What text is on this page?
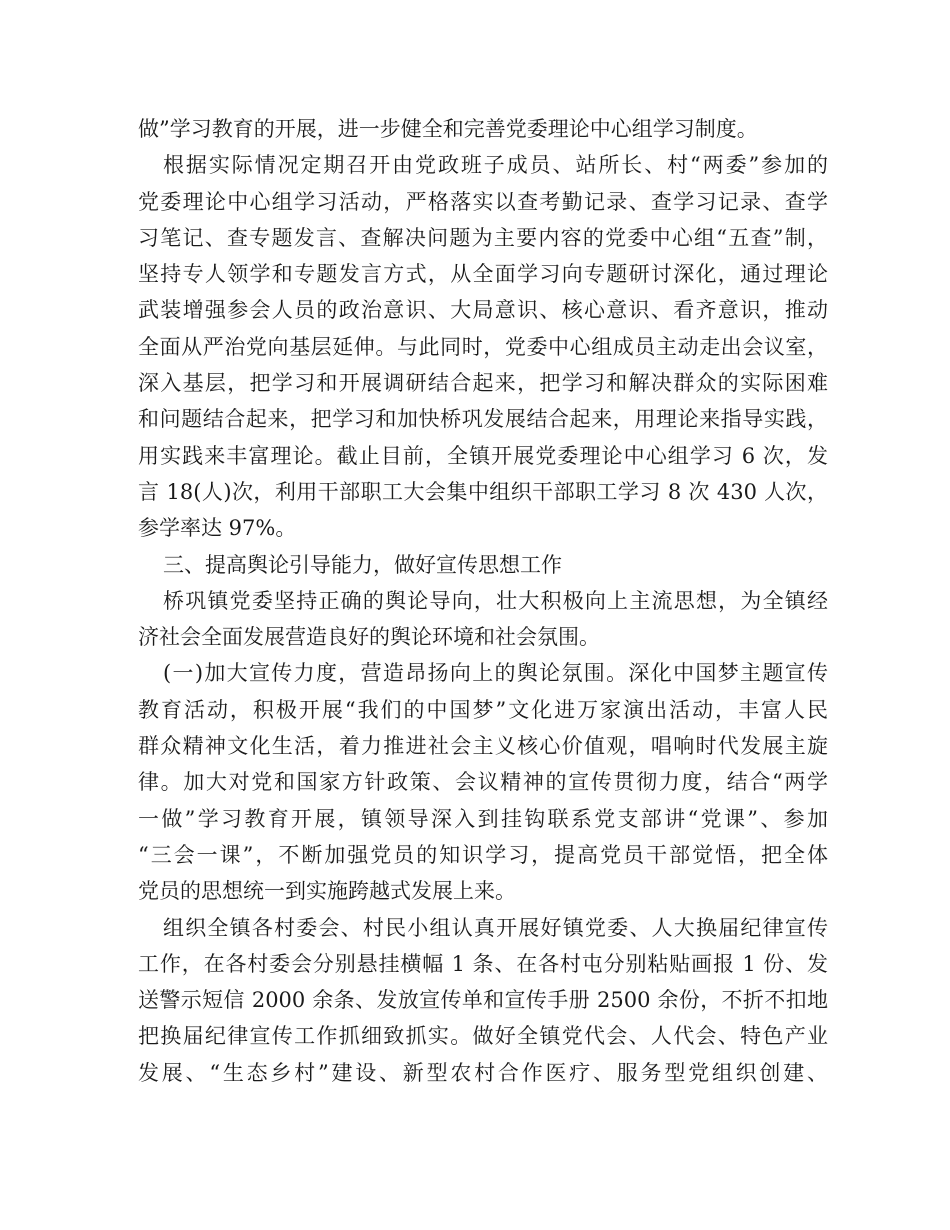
做”学习教育的开展，进一步健全和完善党委理论中心组学习制度。
根据实际情况定期召开由党政班子成员、站所长、村“两委”参加的
党委理论中心组学习活动，严格落实以查考勤记录、查学习记录、查学
习笔记、查专题发言、查解决问题为主要内容的党委中心组“五查”制，
坚持专人领学和专题发言方式，从全面学习向专题研讨深化，通过理论
武装增强参会人员的政治意识、大局意识、核心意识、看齐意识，推动
全面从严治党向基层延伸。与此同时，党委中心组成员主动走出会议室，
深入基层，把学习和开展调研结合起来，把学习和解决群众的实际困难
和问题结合起来，把学习和加快桥巩发展结合起来，用理论来指导实践，
用实践来丰富理论。截止目前，全镇开展党委理论中心组学习 6 次，发
言 18(人)次，利用干部职工大会集中组织干部职工学习 8 次 430 人次，
参学率达 97%。
三、提高舆论引导能力，做好宣传思想工作
桥巩镇党委坚持正确的舆论导向，壮大积极向上主流思想，为全镇经
济社会全面发展营造良好的舆论环境和社会氛围。
(一)加大宣传力度，营造昂扬向上的舆论氛围。深化中国梦主题宣传
教育活动，积极开展“我们的中国梦”文化进万家演出活动，丰富人民
群众精神文化生活，着力推进社会主义核心价值观，唱响时代发展主旋
律。加大对党和国家方针政策、会议精神的宣传贯彻力度，结合“两学
一做”学习教育开展，镇领导深入到挂钩联系党支部讲“党课”、参加
“三会一课”，不断加强党员的知识学习，提高党员干部觉悟，把全体
党员的思想统一到实施跨越式发展上来。
组织全镇各村委会、村民小组认真开展好镇党委、人大换届纪律宣传
工作，在各村委会分别悬挂横幅 1 条、在各村屯分别粘贴画报 1 份、发
送警示短信 2000 余条、发放宣传单和宣传手册 2500 余份，不折不扣地
把换届纪律宣传工作抓细致抓实。做好全镇党代会、人代会、特色产业
发展、“生态乡村”建设、新型农村合作医疗、服务型党组织创建、
